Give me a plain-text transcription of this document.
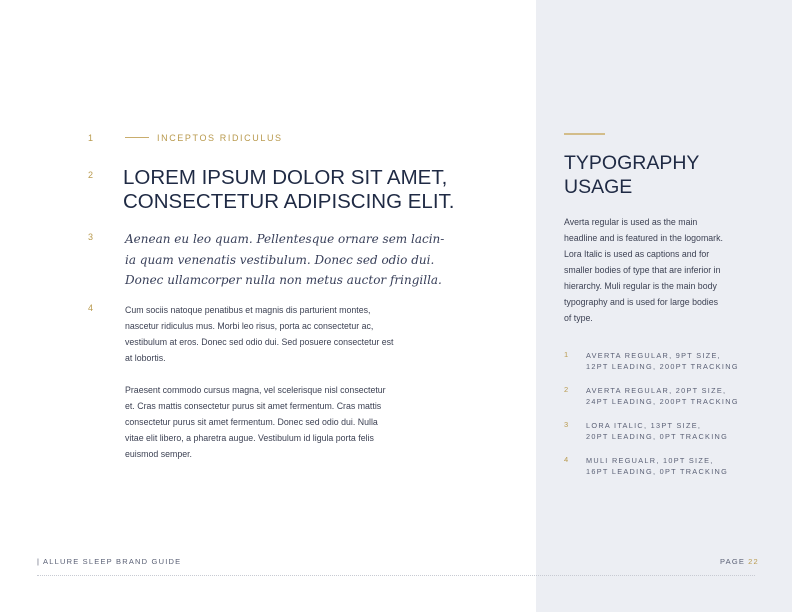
1
2
3
4
INCEPTOS RIDICULUS
LOREM IPSUM DOLOR SIT AMET,
CONSECTETUR ADIPISCING ELIT.
Aenean eu leo quam. Pellentesque ornare sem lacin-
ia quam venenatis vestibulum. Donec sed odio dui.
Donec ullamcorper nulla non metus auctor fringilla.
Cum sociis natoque penatibus et magnis dis parturient montes,
nascetur ridiculus mus. Morbi leo risus, porta ac consectetur ac,
vestibulum at eros. Donec sed odio dui. Sed posuere consectetur est
at lobortis.
Praesent commodo cursus magna, vel scelerisque nisl consectetur
et. Cras mattis consectetur purus sit amet fermentum. Cras mattis
consectetur purus sit amet fermentum. Donec sed odio dui. Nulla
vitae elit libero, a pharetra augue. Vestibulum id ligula porta felis
euismod semper.
TYPOGRAPHY
USAGE
Averta regular is used as the main
headline and is featured in the logomark.
Lora Italic is used as captions and for
smaller bodies of type that are inferior in
hierarchy. Muli regular is the main body
typography and is used for large bodies
of type.
1 AVERTA REGULAR, 9PT SIZE,
12PT LEADING, 200PT TRACKING
2 AVERTA REGULAR, 20PT SIZE,
24PT LEADING, 200PT TRACKING
3 LORA ITALIC, 13PT SIZE,
20PT LEADING, 0PT TRACKING
4 MULI REGUALR, 10PT SIZE,
16PT LEADING, 0PT TRACKING
| ALLURE SLEEP BRAND GUIDE	PAGE 22
